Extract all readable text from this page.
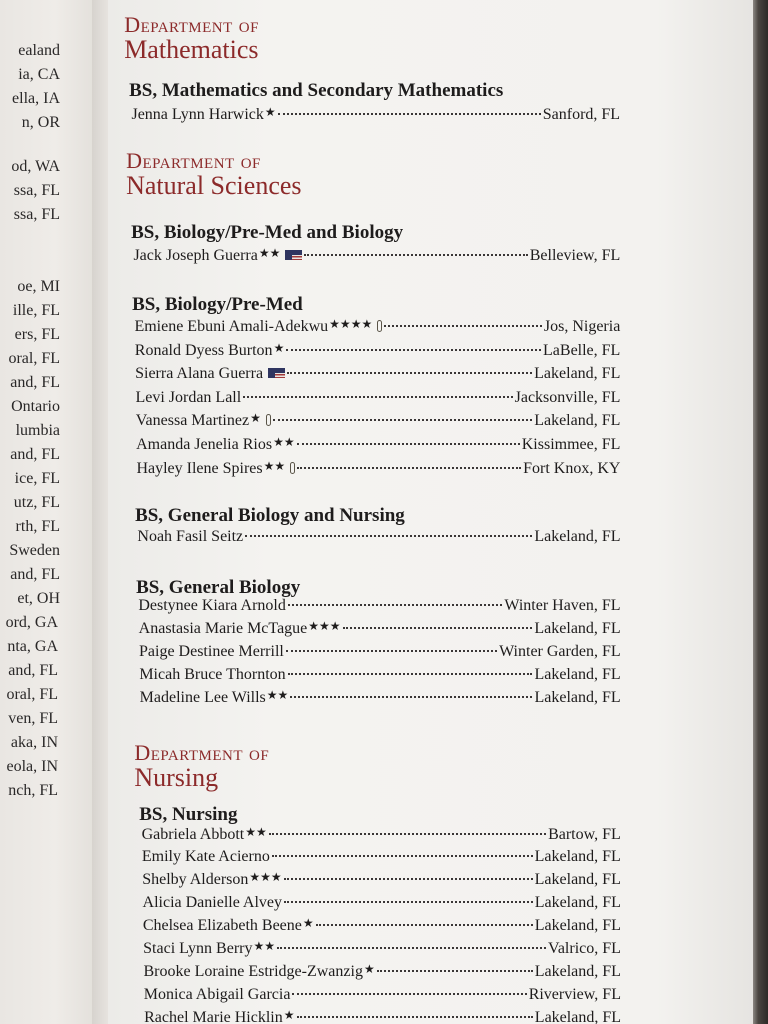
ealand
ia, CA
ella, IA
n, OR
od, WA
ssa, FL
ssa, FL
oe, MI
ille, FL
ers, FL
oral, FL
and, FL
Ontario
lumbia
and, FL
ice, FL
utz, FL
rth, FL
Sweden
and, FL
et, OH
ord, GA
nta, GA
and, FL
oral, FL
ven, FL
aka, IN
eola, IN
nch, FL
Department of
Mathematics
BS, Mathematics and Secondary Mathematics
Jenna Lynn Harwick ★	Sanford, FL
Department of
Natural Sciences
BS, Biology/Pre-Med and Biology
Jack Joseph Guerra ★★	Belleview, FL
BS, Biology/Pre-Med
Emiene Ebuni Amali-Adekwu ★★★★	Jos, Nigeria
Ronald Dyess Burton ★	LaBelle, FL
Sierra Alana Guerra	Lakeland, FL
Levi Jordan Lall	Jacksonville, FL
Vanessa Martinez ★	Lakeland, FL
Amanda Jenelia Rios ★★	Kissimmee, FL
Hayley Ilene Spires ★★	Fort Knox, KY
BS, General Biology and Nursing
Noah Fasil Seitz	Lakeland, FL
BS, General Biology
Destynee Kiara Arnold	Winter Haven, FL
Anastasia Marie McTague ★★★	Lakeland, FL
Paige Destinee Merrill	Winter Garden, FL
Micah Bruce Thornton	Lakeland, FL
Madeline Lee Wills ★★	Lakeland, FL
Department of
Nursing
BS, Nursing
Gabriela Abbott ★★	Bartow, FL
Emily Kate Acierno	Lakeland, FL
Shelby Alderson ★★★	Lakeland, FL
Alicia Danielle Alvey	Lakeland, FL
Chelsea Elizabeth Beene ★	Lakeland, FL
Staci Lynn Berry ★★	Valrico, FL
Brooke Loraine Estridge-Zwanzig ★	Lakeland, FL
Monica Abigail Garcia	Riverview, FL
Rachel Marie Hicklin ★	Lakeland, FL
